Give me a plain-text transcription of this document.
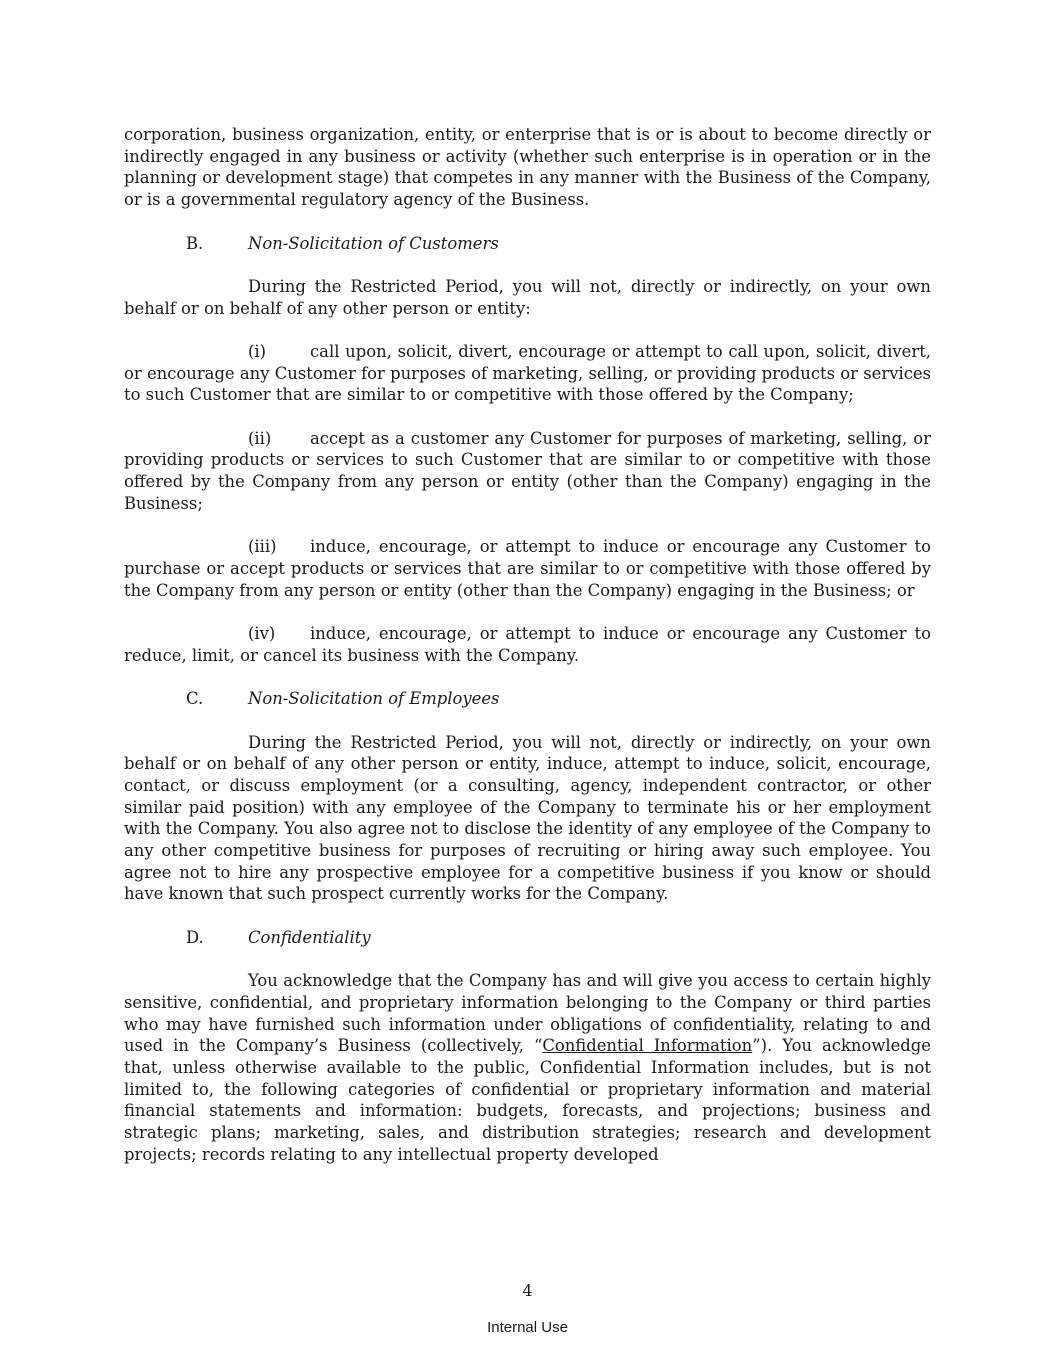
corporation, business organization, entity, or enterprise that is or is about to become directly or indirectly engaged in any business or activity (whether such enterprise is in operation or in the planning or development stage) that competes in any manner with the Business of the Company, or is a governmental regulatory agency of the Business.

B.	Non-Solicitation of Customers

During the Restricted Period, you will not, directly or indirectly, on your own behalf or on behalf of any other person or entity:

(i)	call upon, solicit, divert, encourage or attempt to call upon, solicit, divert, or encourage any Customer for purposes of marketing, selling, or providing products or services to such Customer that are similar to or competitive with those offered by the Company;

(ii) accept as a customer any Customer for purposes of marketing, selling, or providing products or services to such Customer that are similar to or competitive with those offered by the Company from any person or entity (other than the Company) engaging in the Business;

(iii) induce, encourage, or attempt to induce or encourage any Customer to purchase or accept products or services that are similar to or competitive with those offered by the Company from any person or entity (other than the Company) engaging in the Business; or

(iv) induce, encourage, or attempt to induce or encourage any Customer to reduce, limit, or cancel its business with the Company.

C.	Non-Solicitation of Employees

During the Restricted Period, you will not, directly or indirectly, on your own behalf or on behalf of any other person or entity, induce, attempt to induce, solicit, encourage, contact, or discuss employment (or a consulting, agency, independent contractor, or other similar paid position) with any employee of the Company to terminate his or her employment with the Company. You also agree not to disclose the identity of any employee of the Company to any other competitive business for purposes of recruiting or hiring away such employee. You agree not to hire any prospective employee for a competitive business if you know or should have known that such prospect currently works for the Company.

D.	Confidentiality

You acknowledge that the Company has and will give you access to certain highly sensitive, confidential, and proprietary information belonging to the Company or third parties who may have furnished such information under obligations of confidentiality, relating to and used in the Company’s Business (collectively, “Confidential Information”). You acknowledge that, unless otherwise available to the public, Confidential Information includes, but is not limited to, the following categories of confidential or proprietary information and material financial statements and information: budgets, forecasts, and projections; business and strategic plans; marketing, sales, and distribution strategies; research and development projects; records relating to any intellectual property developed

4
Internal Use
